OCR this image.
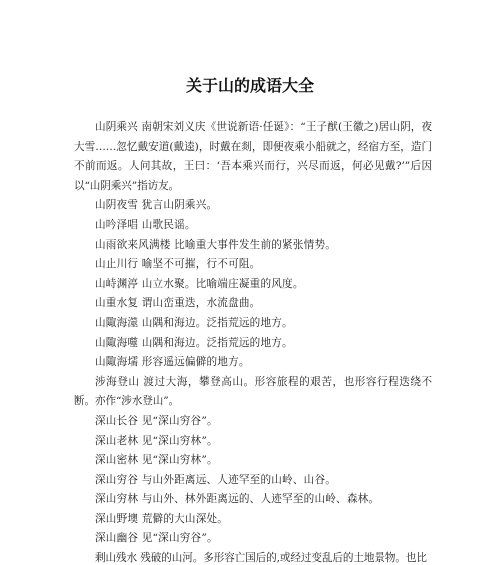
关于山的成语大全

山阴乘兴 南朝宋刘义庆《世说新语·任诞》：“王子猷(王徽之)居山阴，夜大雪……忽忆戴安道(戴逵)，时戴在剡，即便夜乘小船就之，经宿方至，造门不前而返。人问其故，王曰：‘吾本乘兴而行，兴尽而返，何必见戴?’”后因以“山阴乘兴”指访友。

山阴夜雪 犹言山阴乘兴。

山吟泽唱 山歌民谣。

山雨欲来风满楼 比喻重大事件发生前的紧张情势。

山止川行 喻坚不可摧，行不可阻。

山峙渊渟 山立水聚。比喻端庄凝重的风度。

山重水复 谓山峦重迭，水流盘曲。

山陬海澨 山隅和海边。泛指荒远的地方。

山陬海噬 山隅和海边。泛指荒远的地方。

山陬海壖 形容遥远偏僻的地方。

涉海登山 渡过大海，攀登高山。形容旅程的艰苦，也形容行程迭绕不断。亦作“涉水登山”。

深山长谷 见“深山穷谷”。

深山老林 见“深山穷林”。

深山密林 见“深山穷林”。

深山穷谷 与山外距离远、人迹罕至的山岭、山谷。

深山穷林 与山外、林外距离远的、人迹罕至的山岭、森林。

深山野墺 荒僻的大山深处。

深山幽谷 见“深山穷谷”。

剩山残水 残破的山河。多形容亡国后的,或经过变乱后的土地景物。也比
